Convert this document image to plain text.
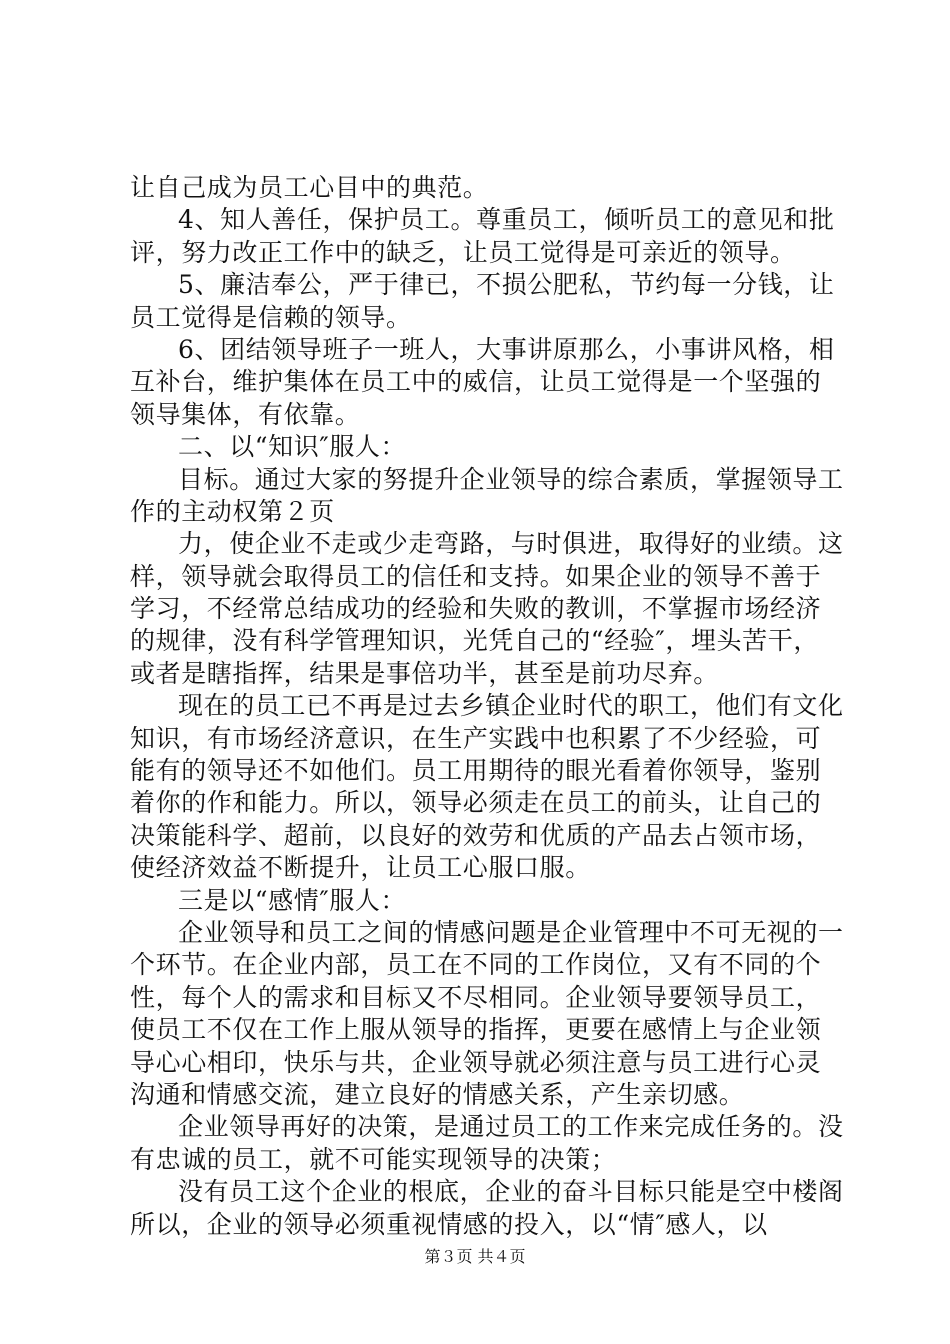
让自己成为员工心目中的典范。
4、知人善任，保护员工。尊重员工，倾听员工的意见和批
评，努力改正工作中的缺乏，让员工觉得是可亲近的领导。
5、廉洁奉公，严于律已，不损公肥私，节约每一分钱，让
员工觉得是信赖的领导。
6、团结领导班子一班人，大事讲原那么，小事讲风格，相
互补台，维护集体在员工中的威信，让员工觉得是一个坚强的
领导集体，有依靠。
二、以“知识″服人：
目标。通过大家的努提升企业领导的综合素质，掌握领导工
作的主动权第２页
力，使企业不走或少走弯路，与时俱进，取得好的业绩。这
样，领导就会取得员工的信任和支持。如果企业的领导不善于
学习，不经常总结成功的经验和失败的教训，不掌握市场经济
的规律，没有科学管理知识，光凭自己的“经验″，埋头苦干，
或者是瞎指挥，结果是事倍功半，甚至是前功尽弃。
现在的员工已不再是过去乡镇企业时代的职工，他们有文化
知识，有市场经济意识，在生产实践中也积累了不少经验，可
能有的领导还不如他们。员工用期待的眼光看着你领导，鉴别
着你的作和能力。所以，领导必须走在员工的前头，让自己的
决策能科学、超前，以良好的效劳和优质的产品去占领市场，
使经济效益不断提升，让员工心服口服。
三是以“感情″服人：
企业领导和员工之间的情感问题是企业管理中不可无视的一
个环节。在企业内部，员工在不同的工作岗位，又有不同的个
性，每个人的需求和目标又不尽相同。企业领导要领导员工，
使员工不仅在工作上服从领导的指挥，更要在感情上与企业领
导心心相印，快乐与共，企业领导就必须注意与员工进行心灵
沟通和情感交流，建立良好的情感关系，产生亲切感。
企业领导再好的决策，是通过员工的工作来完成任务的。没
有忠诚的员工，就不可能实现领导的决策；
没有员工这个企业的根底，企业的奋斗目标只能是空中楼阁
所以，企业的领导必须重视情感的投入，以“情″感人，以
第３页 共４页
